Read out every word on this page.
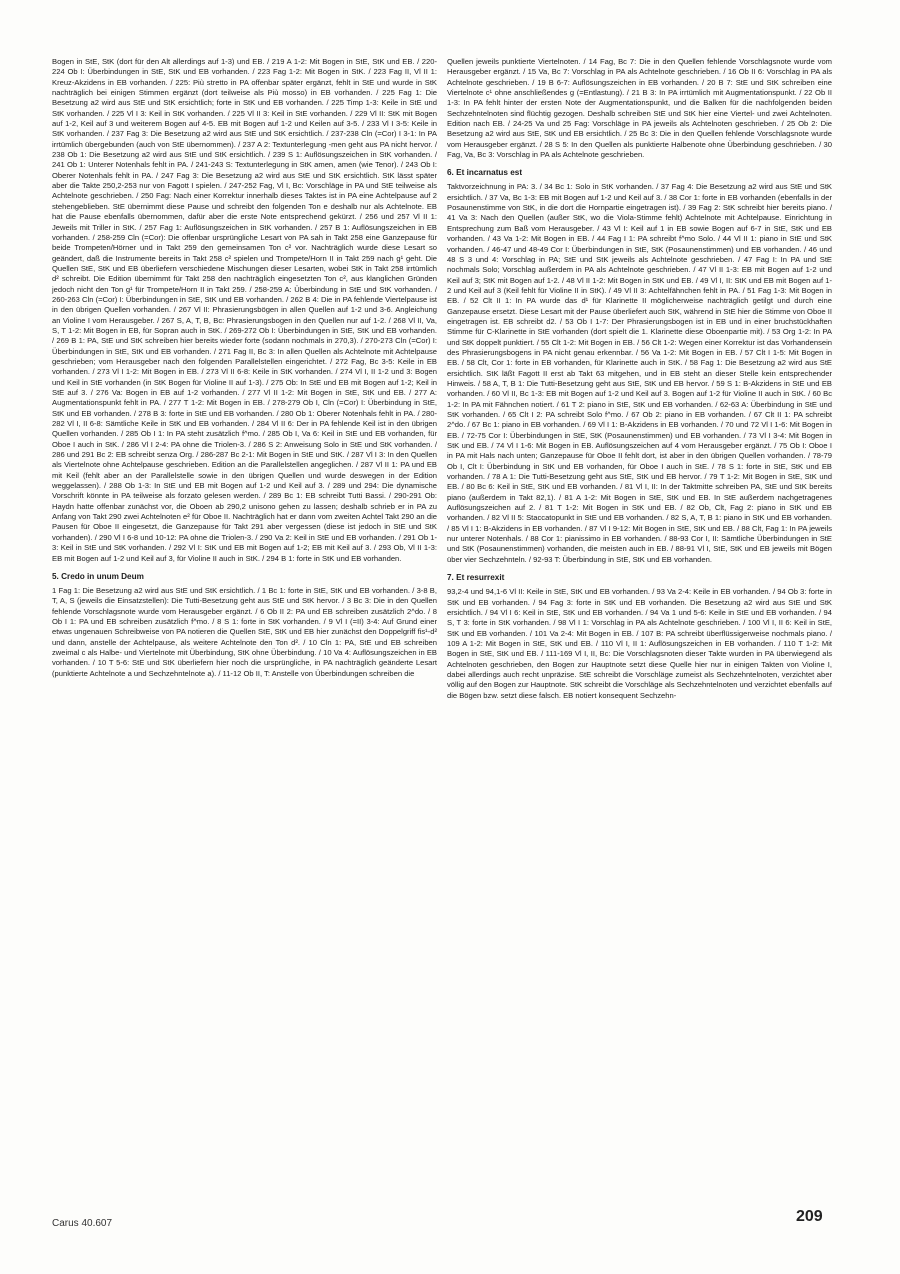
Bogen in StE, StK (dort für den Alt allerdings auf 1-3) und EB. / 219 A 1-2: Mit Bogen in StE, StK und EB. / 220-224 Ob I: Überbindungen in StE, StK und EB vorhanden. / 223 Fag 1-2: Mit Bogen in StK. / 223 Fag II, Vl II 1: Kreuz-Akzidens in EB vorhanden. / 225: Più stretto in PA offenbar später ergänzt, fehlt in StE und wurde in StK nachträglich bei einigen Stimmen ergänzt (dort teilweise als Più mosso) in EB vorhanden. / 225 Fag 1: Die Besetzung a2 wird aus StE und StK ersichtlich; forte in StK und EB vorhanden. / 225 Timp 1-3: Keile in StE und StK vorhanden. / 225 Vl I 3: Keil in StK vorhanden. / 225 Vl II 3: Keil in StE vorhanden. / 229 Vl II: StK mit Bogen auf 1-2, Keil auf 3 und weiterem Bogen auf 4-5. EB mit Bogen auf 1-2 und Keilen auf 3-5. / 233 Vl I 3-5: Keile in StK vorhanden. / 237 Fag 3: Die Besetzung a2 wird aus StE und StK ersichtlich. / 237-238 Cln (=Cor) I 3-1: In PA irrtümlich übergebunden (auch von StE übernommen). / 237 A 2: Textunterlegung -men geht aus PA nicht hervor. / 238 Ob 1: Die Besetzung a2 wird aus StE und StK ersichtlich. / 239 S 1: Auflösungszeichen in StK vorhanden. / 241 Ob 1: Unterer Notenhals fehlt in PA. / 241-243 S: Textunterlegung in StK amen, amen (wie Tenor). / 243 Ob I: Oberer Notenhals fehlt in PA. / 247 Fag 3: Die Besetzung a2 wird aus StE und StK ersichtlich. StK lässt später aber die Takte 250,2-253 nur von Fagott I spielen. / 247-252 Fag, Vl I, Bc: Vorschläge in PA und StE teilweise als Achtelnote geschrieben. / 250 Fag: Nach einer Korrektur innerhalb dieses Taktes ist in PA eine Achtelpause auf 2 stehengeblieben. StE übernimmt diese Pause und schreibt den folgenden Ton e deshalb nur als Achtelnote. EB hat die Pause ebenfalls übernommen, dafür aber die erste Note entsprechend gekürzt. / 256 und 257 Vl II 1: Jeweils mit Triller in StK. / 257 Fag 1: Auflösungszeichen in StK vorhanden. / 257 B 1: Auflösungszeichen in EB vorhanden. / 258-259 Cln (=Cor): Die offenbar ursprüngliche Lesart von PA sah in Takt 258 eine Ganzepause für beide Trompeten/Hörner und in Takt 259 den gemeinsamen Ton c² vor. Nachträglich wurde diese Lesart so geändert, daß die Instrumente bereits in Takt 258 c² spielen und Trompete/Horn II in Takt 259 nach g¹ geht. Die Quellen StE, StK und EB überliefern verschiedene Mischungen dieser Lesarten, wobei StK in Takt 258 irrtümlich d² schreibt. Die Edition übernimmt für Takt 258 den nachträglich eingesetzten Ton c², aus klanglichen Gründen jedoch nicht den Ton g¹ für Trompete/Horn II in Takt 259. / 258-259 A: Überbindung in StE und StK vorhanden. / 260-263 Cln (=Cor) I: Überbindungen in StE, StK und EB vorhanden. / 262 B 4: Die in PA fehlende Viertelpause ist in den übrigen Quellen vorhanden. / 267 Vl II: Phrasierungsbögen in allen Quellen auf 1-2 und 3-6. Angleichung an Violine I vom Herausgeber. / 267 S, A, T, B, Bc: Phrasierungsbogen in den Quellen nur auf 1-2. / 268 Vl II, Va, S, T 1-2: Mit Bogen in EB, für Sopran auch in StK. / 269-272 Ob I: Überbindungen in StE, StK und EB vorhanden. / 269 B 1: PA, StE und StK schreiben hier bereits wieder forte (sodann nochmals in 270,3). / 270-273 Cln (=Cor) I: Überbindungen in StE, StK und EB vorhanden. / 271 Fag II, Bc 3: In allen Quellen als Achtelnote mit Achtelpause geschrieben; vom Herausgeber nach den folgenden Parallelstellen eingerichtet. / 272 Fag, Bc 3-5: Keile in EB vorhanden. / 273 Vl I 1-2: Mit Bogen in EB. / 273 Vl II 6-8: Keile in StK vorhanden. / 274 Vl I, II 1-2 und 3: Bogen und Keil in StE vorhanden (in StK Bogen für Violine II auf 1-3). / 275 Ob: In StE und EB mit Bogen auf 1-2; Keil in StE auf 3. / 276 Va: Bogen in EB auf 1-2 vorhanden. / 277 Vl II 1-2: Mit Bogen in StE, StK und EB. / 277 A: Augmentationspunkt fehlt in PA. / 277 T 1-2: Mit Bogen in EB. / 278-279 Ob I, Cln (=Cor) I: Überbindung in StE, StK und EB vorhanden. / 278 B 3: forte in StE und EB vorhanden. / 280 Ob 1: Oberer Notenhals fehlt in PA. / 280-282 Vl I, II 6-8: Sämtliche Keile in StK und EB vorhanden. / 284 Vl II 6: Der in PA fehlende Keil ist in den übrigen Quellen vorhanden. / 285 Ob I 1: In PA steht zusätzlich f^mo. / 285 Ob I, Va 6: Keil in StE und EB vorhanden, für Oboe I auch in StK. / 286 Vl I 2-4: PA ohne die Triolen-3. / 286 S 2: Anweisung Solo in StE und StK vorhanden. / 286 und 291 Bc 2: EB schreibt senza Org. / 286-287 Bc 2-1: Mit Bogen in StE und StK. / 287 Vl I 3: In den Quellen als Viertelnote ohne Achtelpause geschrieben. Edition an die Parallelstellen angeglichen. / 287 Vl II 1: PA und EB mit Keil (fehlt aber an der Parallelstelle sowie in den übrigen Quellen und wurde deswegen in der Edition weggelassen). / 288 Ob 1-3: In StE und EB mit Bogen auf 1-2 und Keil auf 3. / 289 und 294: Die dynamische Vorschrift könnte in PA teilweise als forzato gelesen werden. / 289 Bc 1: EB schreibt Tutti Bassi. / 290-291 Ob: Haydn hatte offenbar zunächst vor, die Oboen ab 290,2 unisono gehen zu lassen; deshalb schrieb er in PA zu Anfang von Takt 290 zwei Achtelnoten e² für Oboe II. Nachträglich hat er dann vom zweiten Achtel Takt 290 an die Pausen für Oboe II eingesetzt, die Ganzepause für Takt 291 aber vergessen (diese ist jedoch in StE und StK vorhanden). / 290 Vl I 6-8 und 10-12: PA ohne die Triolen-3. / 290 Va 2: Keil in StE und EB vorhanden. / 291 Ob 1-3: Keil in StE und StK vorhanden. / 292 Vl I: StK und EB mit Bogen auf 1-2; EB mit Keil auf 3. / 293 Ob, Vl II 1-3: EB mit Bogen auf 1-2 und Keil auf 3, für Violine II auch in StK. / 294 B 1: forte in StK und EB vorhanden.

5. Credo in unum Deum

1 Fag 1: Die Besetzung a2 wird aus StE und StK ersichtlich. / 1 Bc 1: forte in StE, StK und EB vorhanden. / 3-8 B, T, A, S (jeweils die Einsatzstellen): Die Tutti-Besetzung geht aus StE und StK hervor. / 3 Bc 3: Die in den Quellen fehlende Vorschlagsnote wurde vom Herausgeber ergänzt. / 6 Ob II 2: PA und EB schreiben zusätzlich 2^do. / 8 Ob I 1: PA und EB schreiben zusätzlich f^mo. / 8 S 1: forte in StK vorhanden. / 9 Vl I (=II) 3-4: Auf Grund einer etwas ungenauen Schreibweise von PA notieren die Quellen StE, StK und EB hier zunächst den Doppelgriff fis¹-d² und dann, anstelle der Achtelpause, als weitere Achtelnote den Ton d². / 10 Cln 1: PA, StE und EB schreiben zweimal c als Halbe- und Viertelnote mit Überbindung, StK ohne Überbindung. / 10 Va 4: Auflösungszeichen in EB vorhanden. / 10 T 5-6: StE und StK überliefern hier noch die ursprüngliche, in PA nachträglich geänderte Lesart (punktierte Achtelnote a und Sechzehntelnote a). / 11-12 Ob II, T: Anstelle von Überbindungen schreiben die

Quellen jeweils punktierte Viertelnoten. / 14 Fag, Bc 7: Die in den Quellen fehlende Vorschlagsnote wurde vom Herausgeber ergänzt. / 15 Va, Bc 7: Vorschlag in PA als Achtelnote geschrieben. / 16 Ob II 6: Vorschlag in PA als Achtelnote geschrieben. / 19 B 6-7: Auflösungszeichen in EB vorhanden. / 20 B 7: StE und StK schreiben eine Viertelnote c¹ ohne anschließendes g (=Entlastung). / 21 B 3: In PA irrtümlich mit Augmentationspunkt. / 22 Ob II 1-3: In PA fehlt hinter der ersten Note der Augmentationspunkt, und die Balken für die nachfolgenden beiden Sechzehntelnoten sind flüchtig gezogen. Deshalb schreiben StE und StK hier eine Viertel- und zwei Achtelnoten. Edition nach EB. / 24-25 Va und 25 Fag: Vorschläge in PA jeweils als Achtelnoten geschrieben. / 25 Ob 2: Die Besetzung a2 wird aus StE, StK und EB ersichtlich. / 25 Bc 3: Die in den Quellen fehlende Vorschlagsnote wurde vom Herausgeber ergänzt. / 28 S 5: In den Quellen als punktierte Halbenote ohne Überbindung geschrieben. / 30 Fag, Va, Bc 3: Vorschlag in PA als Achtelnote geschrieben.

6. Et incarnatus est

Taktvorzeichnung in PA: 3. / 34 Bc 1: Solo in StK vorhanden. / 37 Fag 4: Die Besetzung a2 wird aus StE und StK ersichtlich. / 37 Va, Bc 1-3: EB mit Bogen auf 1-2 und Keil auf 3. / 38 Cor 1: forte in EB vorhanden (ebenfalls in der Posaunenstimme von StK, in die dort die Hornpartie eingetragen ist). / 39 Fag 2: StK schreibt hier bereits piano. / 41 Va 3: Nach den Quellen (außer StK, wo die Viola-Stimme fehlt) Achtelnote mit Achtelpause. Einrichtung in Entsprechung zum Baß vom Herausgeber. / 43 Vl I: Keil auf 1 in EB sowie Bogen auf 6-7 in StE, StK und EB vorhanden. / 43 Va 1-2: Mit Bogen in EB. / 44 Fag I 1: PA schreibt f^mo Solo. / 44 Vl II 1: piano in StE und StK vorhanden. / 46-47 und 48-49 Cor I: Überbindungen in StE, StK (Posaunenstimmen) und EB vorhanden. / 46 und 48 S 3 und 4: Vorschlag in PA; StE und StK jeweils als Achtelnote geschrieben. / 47 Fag I: In PA und StE nochmals Solo; Vorschlag außerdem in PA als Achtelnote geschrieben. / 47 Vl II 1-3: EB mit Bogen auf 1-2 und Keil auf 3; StK mit Bogen auf 1-2. / 48 Vl II 1-2: Mit Bogen in StK und EB. / 49 Vl I, II: StK und EB mit Bogen auf 1-2 und Keil auf 3 (Keil fehlt für Violine II in StK). / 49 Vl II 3: Achtelfähnchen fehlt in PA. / 51 Fag 1-3: Mit Bogen in EB. / 52 Clt II 1: In PA wurde das d¹ für Klarinette II möglicherweise nachträglich getilgt und durch eine Ganzepause ersetzt. Diese Lesart mit der Pause überliefert auch StK, während in StE hier die Stimme von Oboe II eingetragen ist. EB schreibt d2. / 53 Ob I 1-7: Der Phrasierungsbogen ist in EB und in einer bruchstückhaften Stimme für C-Klarinette in StE vorhanden (dort spielt die 1. Klarinette diese Oboenpartie mit). / 53 Org 1-2: In PA und StK doppelt punktiert. / 55 Clt 1-2: Mit Bogen in EB. / 56 Clt 1-2: Wegen einer Korrektur ist das Vorhandensein des Phrasierungsbogens in PA nicht genau erkennbar. / 56 Va 1-2: Mit Bogen in EB. / 57 Clt I 1-5: Mit Bogen in EB. / 58 Clt, Cor 1: forte in EB vorhanden, für Klarinette auch in StK. / 58 Fag 1: Die Besetzung a2 wird aus StE ersichtlich. StK läßt Fagott II erst ab Takt 63 mitgehen, und in EB steht an dieser Stelle kein entsprechender Hinweis. / 58 A, T, B 1: Die Tutti-Besetzung geht aus StE, StK und EB hervor. / 59 S 1: B-Akzidens in StE und EB vorhanden. / 60 Vl II, Bc 1-3: EB mit Bogen auf 1-2 und Keil auf 3. Bogen auf 1-2 für Violine II auch in StK. / 60 Bc 1-2: In PA mit Fähnchen notiert. / 61 T 2: piano in StE, StK und EB vorhanden. / 62-63 A: Überbindung in StE und StK vorhanden. / 65 Clt I 2: PA schreibt Solo f^mo. / 67 Ob 2: piano in EB vorhanden. / 67 Clt II 1: PA schreibt 2^do. / 67 Bc 1: piano in EB vorhanden. / 69 Vl I 1: B-Akzidens in EB vorhanden. / 70 und 72 Vl I 1-6: Mit Bogen in EB. / 72-75 Cor I: Überbindungen in StE, StK (Posaunenstimmen) und EB vorhanden. / 73 Vl I 3-4: Mit Bogen in StK und EB. / 74 Vl I 1-6: Mit Bogen in EB. Auflösungszeichen auf 4 vom Herausgeber ergänzt. / 75 Ob I: Oboe I in PA mit Hals nach unten; Ganzepause für Oboe II fehlt dort, ist aber in den übrigen Quellen vorhanden. / 78-79 Ob I, Clt I: Überbindung in StK und EB vorhanden, für Oboe I auch in StE. / 78 S 1: forte in StE, StK und EB vorhanden. / 78 A 1: Die Tutti-Besetzung geht aus StE, StK und EB hervor. / 79 T 1-2: Mit Bogen in StE, StK und EB. / 80 Bc 6: Keil in StE, StK und EB vorhanden. / 81 Vl I, II: In der Taktmitte schreiben PA, StE und StK bereits piano (außerdem in Takt 82,1). / 81 A 1-2: Mit Bogen in StE, StK und EB. In StE außerdem nachgetragenes Auflösungszeichen auf 2. / 81 T 1-2: Mit Bogen in StK und EB. / 82 Ob, Clt, Fag 2: piano in StK und EB vorhanden. / 82 Vl II 5: Staccatopunkt in StE und EB vorhanden. / 82 S, A, T, B 1: piano in StK und EB vorhanden. / 85 Vl I 1: B-Akzidens in EB vorhanden. / 87 Vl I 9-12: Mit Bogen in StE, StK und EB. / 88 Clt, Fag 1: In PA jeweils nur unterer Notenhals. / 88 Cor 1: pianissimo in EB vorhanden. / 88-93 Cor I, II: Sämtliche Überbindungen in StE und StK (Posaunenstimmen) vorhanden, die meisten auch in EB. / 88-91 Vl I, StE, StK und EB jeweils mit Bögen über vier Sechzehnteln. / 92-93 T: Überbindung in StE, StK und EB vorhanden.

7. Et resurrexit

93,2-4 und 94,1-6 Vl II: Keile in StE, StK und EB vorhanden. / 93 Va 2-4: Keile in EB vorhanden. / 94 Ob 3: forte in StK und EB vorhanden. / 94 Fag 3: forte in StK und EB vorhanden. Die Besetzung a2 wird aus StE und StK ersichtlich. / 94 Vl I 6: Keil in StE, StK und EB vorhanden. / 94 Va 1 und 5-6: Keile in StE und EB vorhanden. / 94 S, T 3: forte in StK vorhanden. / 98 Vl I 1: Vorschlag in PA als Achtelnote geschrieben. / 100 Vl I, II 6: Keil in StE, StK und EB vorhanden. / 101 Va 2-4: Mit Bogen in EB. / 107 B: PA schreibt überflüssigerweise nochmals piano. / 109 A 1-2: Mit Bogen in StE, StK und EB. / 110 Vl I, II 1: Auflösungszeichen in EB vorhanden. / 110 T 1-2: Mit Bogen in StE, StK und EB. / 111-169 Vl I, II, Bc: Die Vorschlagsnoten dieser Takte wurden in PA überwiegend als Achtelnoten geschrieben, den Bogen zur Hauptnote setzt diese Quelle hier nur in einigen Takten von Violine I, dabei allerdings auch recht unpräzise. StE schreibt die Vorschläge zumeist als Sechzehntelnoten, verzichtet aber völlig auf den Bogen zur Hauptnote. StK schreibt die Vorschläge als Sechzehntelnoten und verzichtet ebenfalls auf die Bögen bzw. setzt diese falsch. EB notiert konsequent Sechzehn-

Carus 40.607	209
